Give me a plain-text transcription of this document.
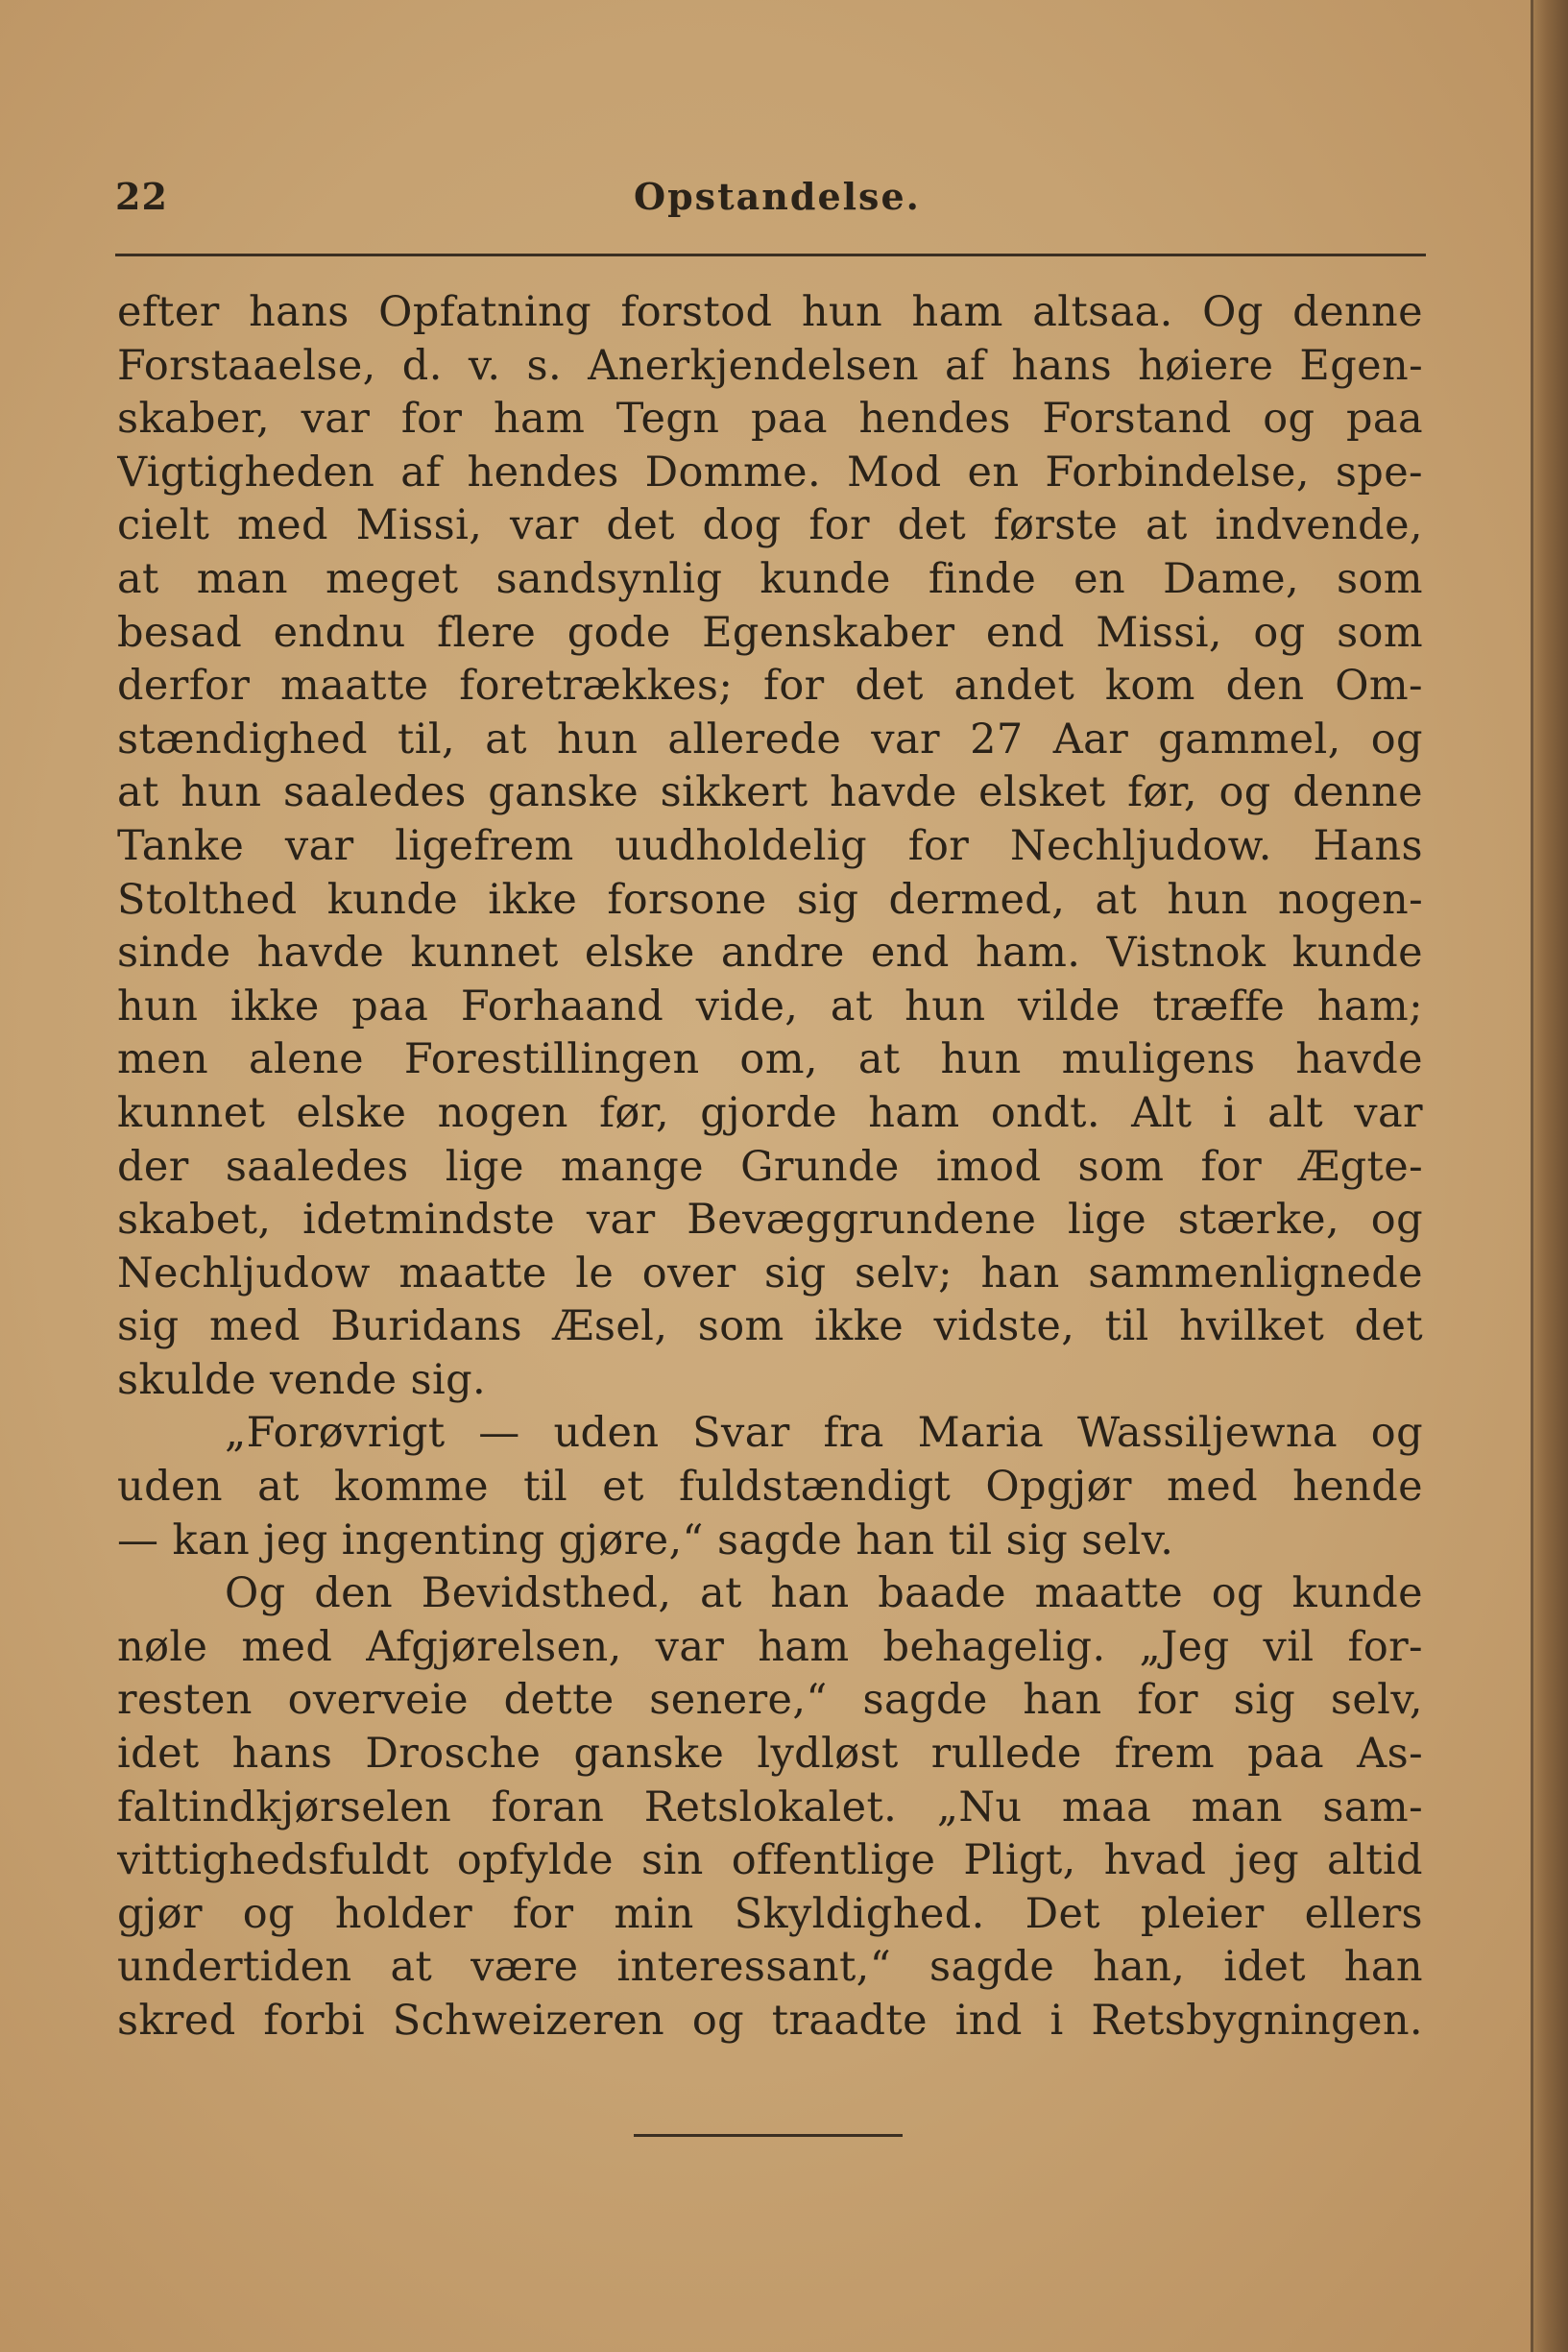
22	Opstandelse.
efter hans Opfatning forstod hun ham altsaa. Og denne
Forstaaelse, d. v. s. Anerkjendelsen af hans høiere Egen-
skaber, var for ham Tegn paa hendes Forstand og paa
Vigtigheden af hendes Domme. Mod en Forbindelse, spe-
cielt med Missi, var det dog for det første at indvende,
at man meget sandsynlig kunde finde en Dame, som
besad endnu flere gode Egenskaber end Missi, og som
derfor maatte foretrækkes; for det andet kom den Om-
stændighed til, at hun allerede var 27 Aar gammel, og
at hun saaledes ganske sikkert havde elsket før, og denne
Tanke var ligefrem uudholdelig for Nechljudow. Hans
Stolthed kunde ikke forsone sig dermed, at hun nogen-
sinde havde kunnet elske andre end ham. Vistnok kunde
hun ikke paa Forhaand vide, at hun vilde træffe ham;
men alene Forestillingen om, at hun muligens havde
kunnet elske nogen før, gjorde ham ondt. Alt i alt var
der saaledes lige mange Grunde imod som for Ægte-
skabet, idetmindste var Bevæggrundene lige stærke, og
Nechljudow maatte le over sig selv; han sammenlignede
sig med Buridans Æsel, som ikke vidste, til hvilket det
skulde vende sig.
„Forøvrigt — uden Svar fra Maria Wassiljewna og
uden at komme til et fuldstændigt Opgjør med hende
— kan jeg ingenting gjøre,“ sagde han til sig selv.
Og den Bevidsthed, at han baade maatte og kunde
nøle med Afgjørelsen, var ham behagelig. „Jeg vil for-
resten overveie dette senere,“ sagde han for sig selv,
idet hans Drosche ganske lydløst rullede frem paa As-
faltindkjørselen foran Retslokalet. „Nu maa man sam-
vittighedsfuldt opfylde sin offentlige Pligt, hvad jeg altid
gjør og holder for min Skyldighed. Det pleier ellers
undertiden at være interessant,“ sagde han, idet han
skred forbi Schweizeren og traadte ind i Retsbygningen.
